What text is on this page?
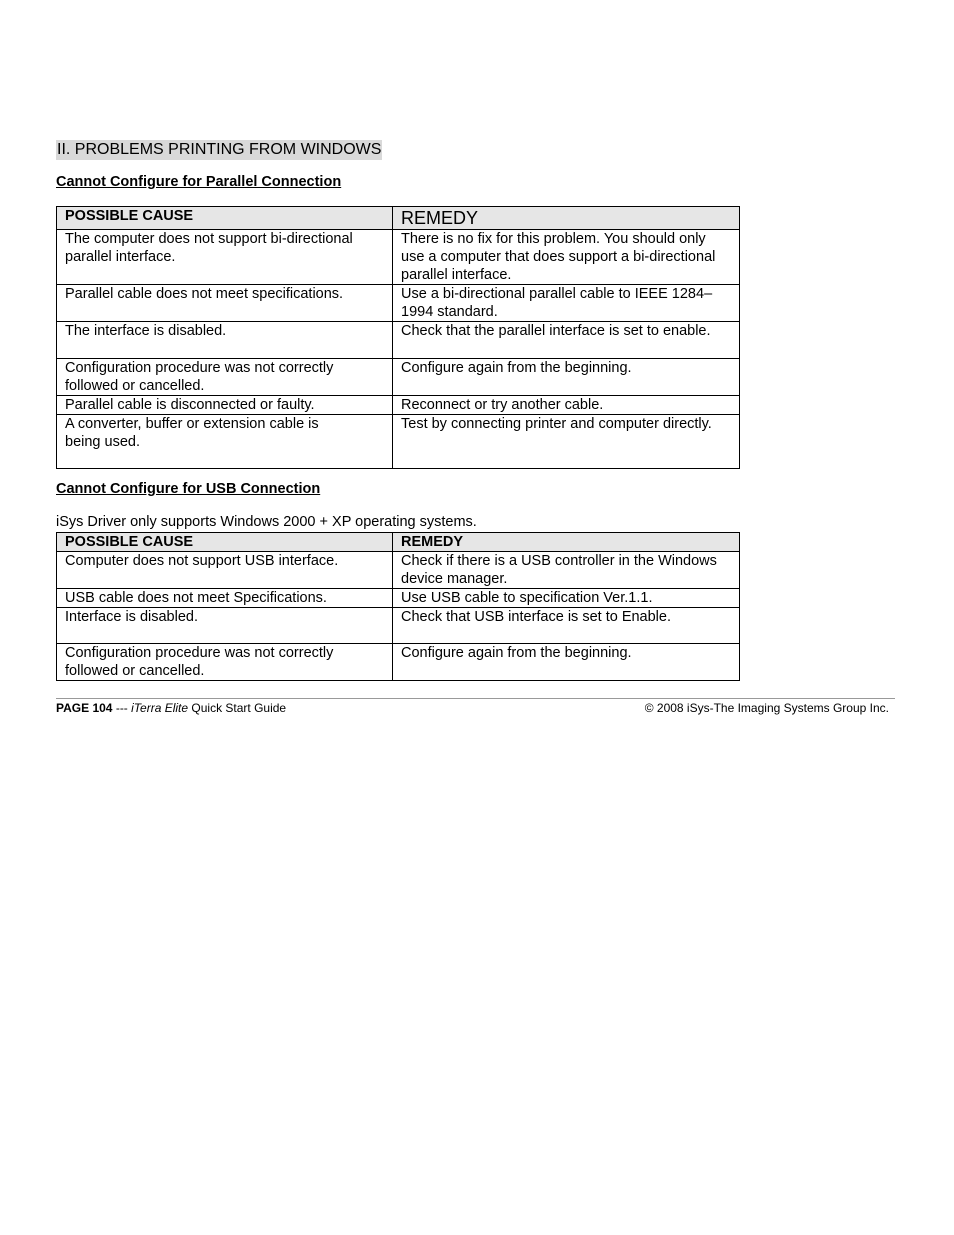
II. PROBLEMS PRINTING FROM WINDOWS
Cannot Configure for Parallel Connection
POSSIBLE CAUSE	REMEDY
The computer does not support bi-directional parallel interface.	There is no fix for this problem. You should only use a computer that does support a bi-directional parallel interface.
Parallel cable does not meet specifications.	Use a bi-directional parallel cable to IEEE 1284– 1994 standard.
The interface is disabled.	Check that the parallel interface is set to enable.
Configuration procedure was not correctly followed or cancelled.	Configure again from the beginning.
Parallel cable is disconnected or faulty.	Reconnect or try another cable.
A converter, buffer or extension cable is being used.	Test by connecting printer and computer directly.
Cannot Configure for USB Connection
iSys Driver only supports Windows 2000 + XP operating systems.
POSSIBLE CAUSE	REMEDY
Computer does not support USB interface.	Check if there is a USB controller in the Windows device manager.
USB cable does not meet Specifications.	Use USB cable to specification Ver.1.1.
Interface is disabled.	Check that USB interface is set to Enable.
Configuration procedure was not correctly followed or cancelled.	Configure again from the beginning.
PAGE 104 --- iTerra Elite Quick Start Guide	© 2008 iSys-The Imaging Systems Group Inc.
